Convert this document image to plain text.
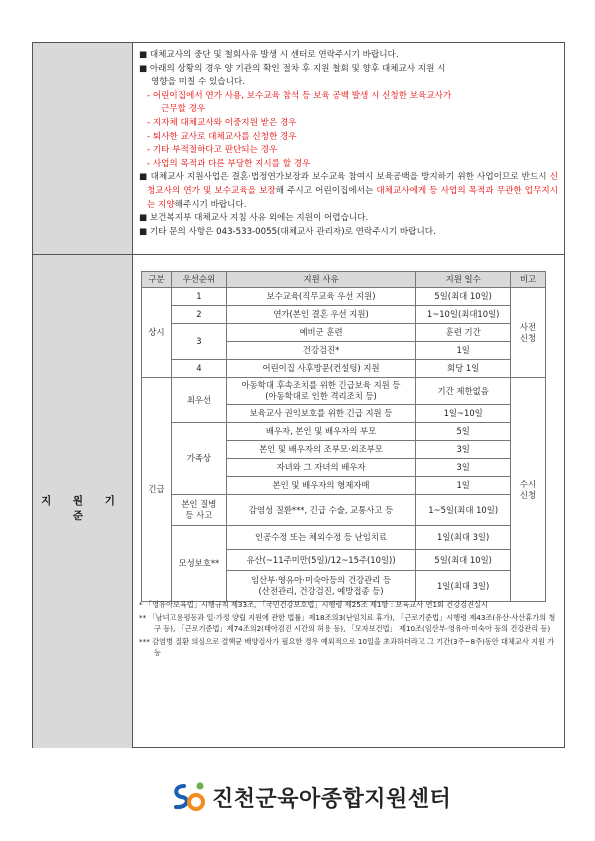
■ 대체교사의 중단 및 철회사유 발생 시 센터로 연락주시기 바랍니다.

■ 아래의 상황의 경우 양 기관의 확인 절차 후 지원 철회 및 향후 대체교사 지원 시

영향을 미칠 수 있습니다.

- 어린이집에서 연가 사용, 보수교육 참석 등 보육 공백 발생 시 신청한 보육교사가

근무할 경우

- 지자체 대체교사와 이중지원 받은 경우

- 퇴사한 교사로 대체교사를 신청한 경우

- 기타 부적절하다고 판단되는 경우

- 사업의 목적과 다른 부당한 지시를 할 경우

■ 대체교사 지원사업은 결혼·법정연가보장과 보수교육 참여시 보육공백을 방지하기 위한 사업이므로 반드시 신청교사의 연가 및 보수교육을 보장해 주시고 어린이집에서는 대체교사에게 등 사업의 목적과 무관한 업무지시는 지양해주시기 바랍니다.

■ 보건복지부 대체교사 지침 사유 외에는 지원이 어렵습니다.

■ 기타 문의 사항은 043-533-0055(대체교사 관리자)로 연락주시기 바랍니다.

지 원 기 준
구분	우선순위	지원 사유	지원 일수	비고
상시	1	보수교육(직무교육 우선 지원)	5일(최대 10일)	사전
신청
	2	연가(본인 결혼 우선 지원)	1~10일(최대10일)	
	3	예비군 훈련	훈련 기간	
		건강검진*	1일	
	4	어린이집 사후방문(컨설팅) 지원	회당 1일	
긴급	최우선	아동학대 후속조치를 위한 긴급보육 지원 등
(아동학대로 인한 격리조치 등)	기간 제한없음	수시
신청
		보육교사 권익보호를 위한 긴급 지원 등	1일~10일	
	가족상	배우자, 본인 및 배우자의 부모	5일	
		본인 및 배우자의 조부모·외조부모	3일	
		자녀와 그 자녀의 배우자	3일	
		본인 및 배우자의 형제자매	1일	
	본인 질병
등 사고	감염성 질환***, 긴급 수술, 교통사고 등	1~5일(최대 10일)	
	모성보호**	인공수정 또는 체외수정 등 난임치료	1일(최대 3일)	
		유산(~11주미만(5일)/12~15주(10일))	5일(최대 10일)	
		임산부·영유아·미숙아등의 건강관리 등
(산전관리, 건강검진, 예방접종 등)	1일(최대 3일)	

* 「영유아보육법」시행규칙 제33조, 「국민건강보호법」시행령 제25조 제1항 : 보육교사 연1회 건강검진실시

** 「남녀고용평등과 일·가정 양립 지원에 관한 법률」제18조의3(난임치료 휴가), 「근로기준법」시행령 제43조(유산·사산휴가의 청구 등), 「근로기준법」제74조의2(태아검진 시간의 허용 등), 「모자보건법」 제10조(임산부·영유아·미숙아 등의 건강관리 등)

*** 감염병 질환 의심으로 결핵균 배양검사가 필요한 경우 예외적으로 10일을 초과하더라고 그 기간(3주~8주)동안 대체교사 지원 가능

진천군육아종합지원센터
